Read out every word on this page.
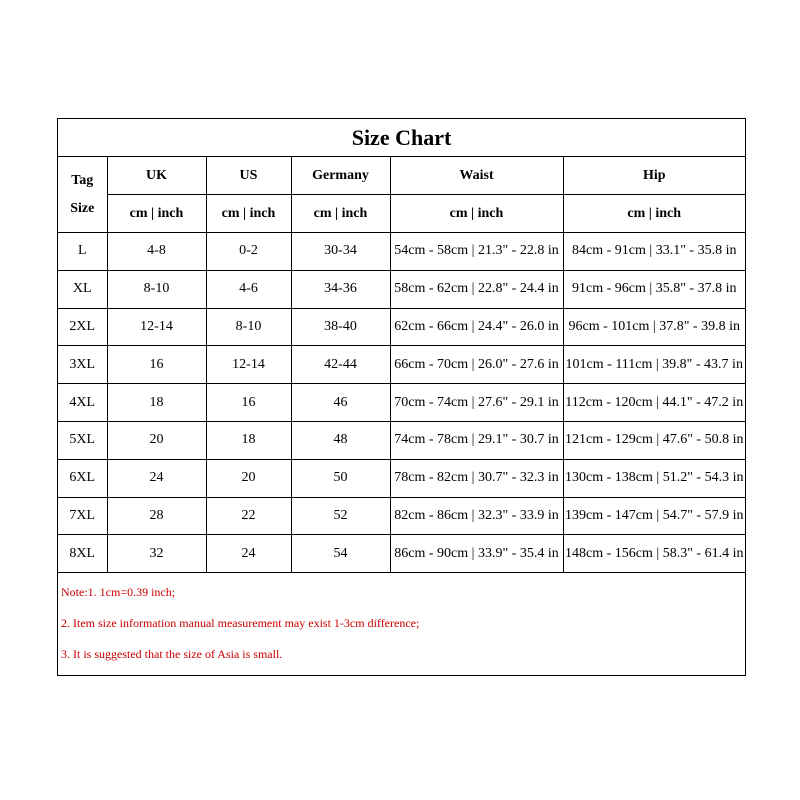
Size Chart
Tag
Size	UK	US	Germany	Waist	Hip
	cm | inch	cm | inch	cm | inch	cm | inch	cm | inch
L	4-8	0-2	30-34	54cm - 58cm | 21.3" - 22.8 in	84cm - 91cm | 33.1" - 35.8 in
XL	8-10	4-6	34-36	58cm - 62cm | 22.8" - 24.4 in	91cm - 96cm | 35.8" - 37.8 in
2XL	12-14	8-10	38-40	62cm - 66cm | 24.4" - 26.0 in	96cm - 101cm | 37.8" - 39.8 in
3XL	16	12-14	42-44	66cm - 70cm | 26.0" - 27.6 in	101cm - 111cm | 39.8" - 43.7 in
4XL	18	16	46	70cm - 74cm | 27.6" - 29.1 in	112cm - 120cm | 44.1" - 47.2 in
5XL	20	18	48	74cm - 78cm | 29.1" - 30.7 in	121cm - 129cm | 47.6" - 50.8 in
6XL	24	20	50	78cm - 82cm | 30.7" - 32.3 in	130cm - 138cm | 51.2" - 54.3 in
7XL	28	22	52	82cm - 86cm | 32.3" - 33.9 in	139cm - 147cm | 54.7" - 57.9 in
8XL	32	24	54	86cm - 90cm | 33.9" - 35.4 in	148cm - 156cm | 58.3" - 61.4 in
Note:1. 1cm=0.39 inch;
2. Item size information manual measurement may exist 1-3cm difference;
3. It is suggested that the size of Asia is small.
